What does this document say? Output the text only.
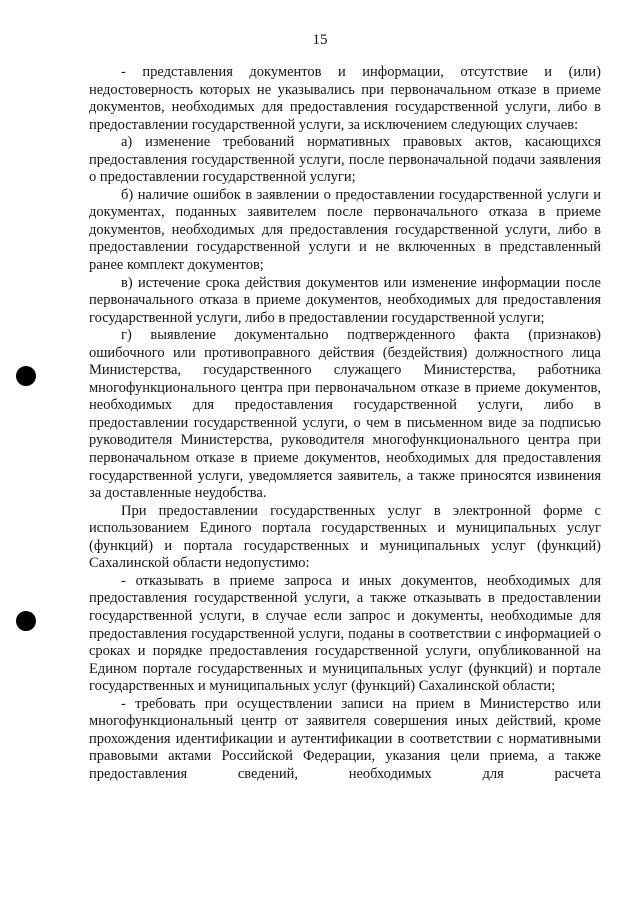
15

- представления документов и информации, отсутствие и (или) недостоверность которых не указывались при первоначальном отказе в приеме документов, необходимых для предоставления государственной услуги, либо в предоставлении государственной услуги, за исключением следующих случаев:

а) изменение требований нормативных правовых актов, касающихся предоставления государственной услуги, после первоначальной подачи заявления о предоставлении государственной услуги;

б) наличие ошибок в заявлении о предоставлении государственной услуги и документах, поданных заявителем после первоначального отказа в приеме документов, необходимых для предоставления государственной услуги, либо в предоставлении государственной услуги и не включенных в представленный ранее комплект документов;

в) истечение срока действия документов или изменение информации после первоначального отказа в приеме документов, необходимых для предоставления государственной услуги, либо в предоставлении государственной услуги;

г) выявление документально подтвержденного факта (признаков) ошибочного или противоправного действия (бездействия) должностного лица Министерства, государственного служащего Министерства, работника многофункционального центра при первоначальном отказе в приеме документов, необходимых для предоставления государственной услуги, либо в предоставлении государственной услуги, о чем в письменном виде за подписью руководителя Министерства, руководителя многофункционального центра при первоначальном отказе в приеме документов, необходимых для предоставления государственной услуги, уведомляется заявитель, а также приносятся извинения за доставленные неудобства.

При предоставлении государственных услуг в электронной форме с использованием Единого портала государственных и муниципальных услуг (функций) и портала государственных и муниципальных услуг (функций) Сахалинской области недопустимо:

- отказывать в приеме запроса и иных документов, необходимых для предоставления государственной услуги, а также отказывать в предоставлении государственной услуги, в случае если запрос и документы, необходимые для предоставления государственной услуги, поданы в соответствии с информацией о сроках и порядке предоставления государственной услуги, опубликованной на Едином портале государственных и муниципальных услуг (функций) и портале государственных и муниципальных услуг (функций) Сахалинской области;

- требовать при осуществлении записи на прием в Министерство или многофункциональный центр от заявителя совершения иных действий, кроме прохождения идентификации и аутентификации в соответствии с нормативными правовыми актами Российской Федерации, указания цели приема, а также предоставления сведений, необходимых для расчета
